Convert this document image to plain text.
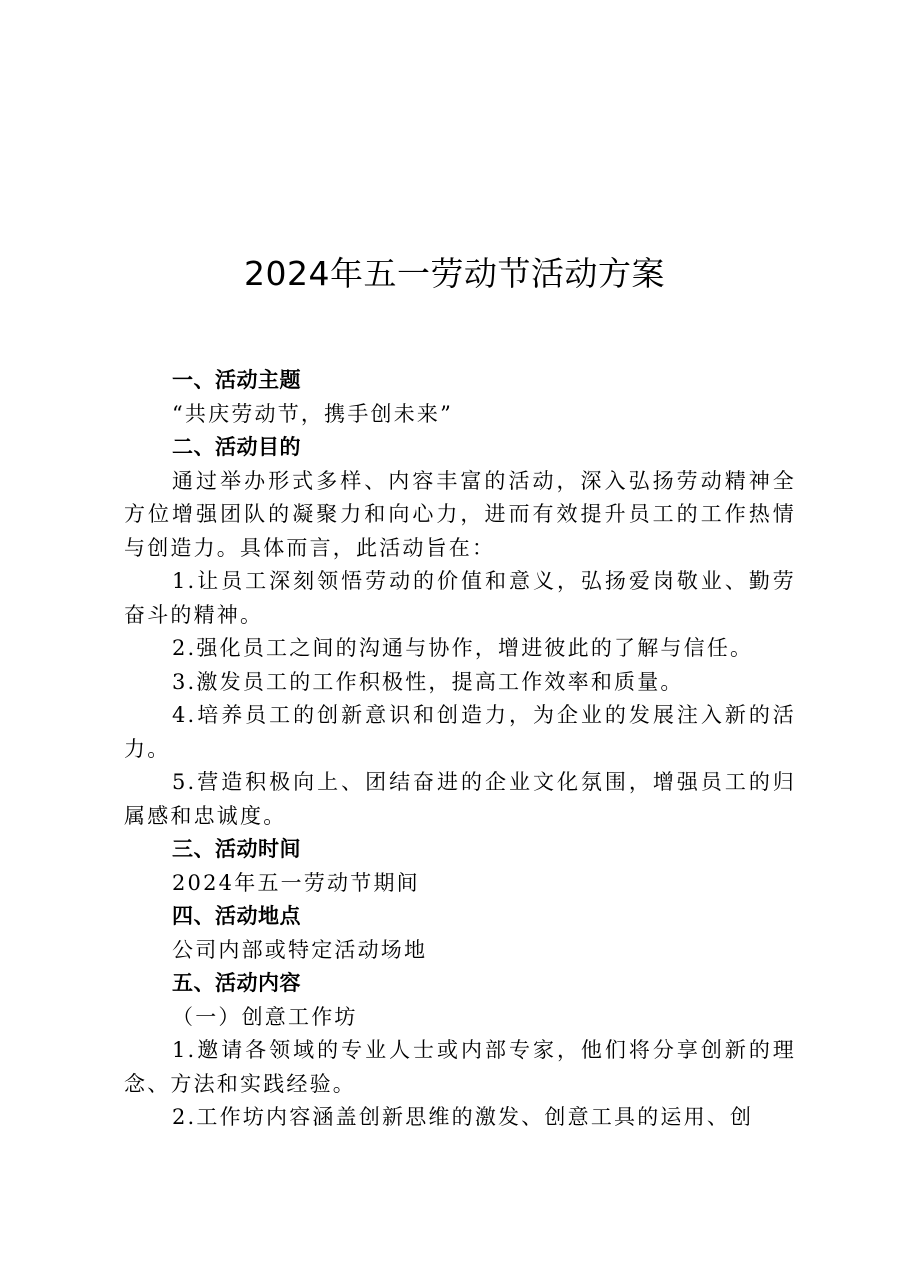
2024年五一劳动节活动方案

一、活动主题

“共庆劳动节，携手创未来”

二、活动目的

通过举办形式多样、内容丰富的活动，深入弘扬劳动精神全方位增强团队的凝聚力和向心力，进而有效提升员工的工作热情与创造力。具体而言，此活动旨在：

1.让员工深刻领悟劳动的价值和意义，弘扬爱岗敬业、勤劳奋斗的精神。

2.强化员工之间的沟通与协作，增进彼此的了解与信任。

3.激发员工的工作积极性，提高工作效率和质量。

4.培养员工的创新意识和创造力，为企业的发展注入新的活力。

5.营造积极向上、团结奋进的企业文化氛围，增强员工的归属感和忠诚度。

三、活动时间

2024年五一劳动节期间

四、活动地点

公司内部或特定活动场地

五、活动内容

（一）创意工作坊

1.邀请各领域的专业人士或内部专家，他们将分享创新的理念、方法和实践经验。

2.工作坊内容涵盖创新思维的激发、创意工具的运用、创
